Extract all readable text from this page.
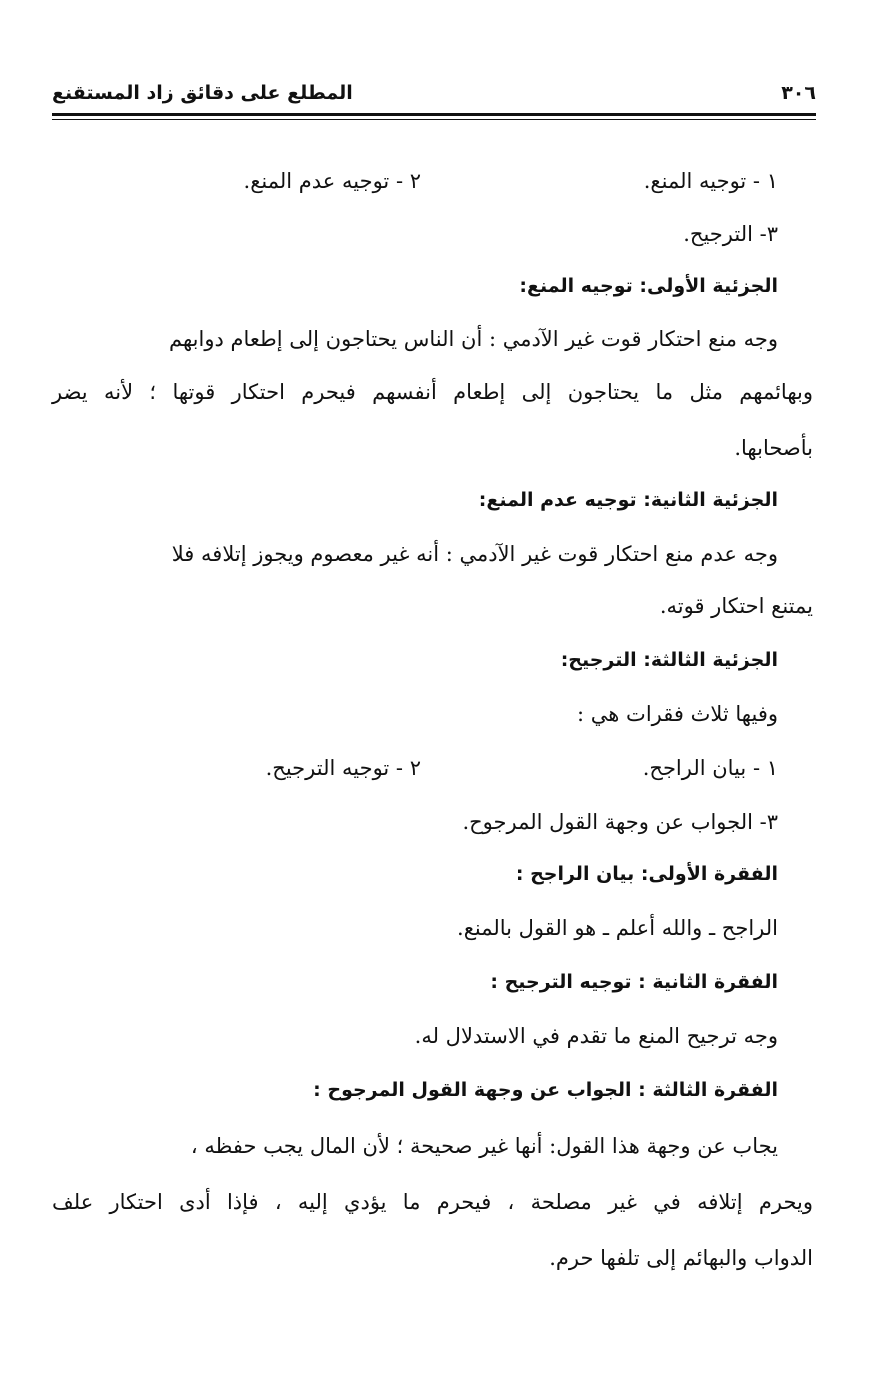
٣٠٦
المطلع على دقائق زاد المستقنع
١ - توجيه المنع.
٢ - توجيه عدم المنع.
٣- الترجيح.
الجزئية الأولى: توجيه المنع:
وجه منع احتكار قوت غير الآدمي : أن الناس يحتاجون إلى إطعام دوابهم
وبهائمهم مثل ما يحتاجون إلى إطعام أنفسهم فيحرم احتكار قوتها ؛ لأنه يضر
بأصحابها.
الجزئية الثانية: توجيه عدم المنع:
وجه عدم منع احتكار قوت غير الآدمي : أنه غير معصوم ويجوز إتلافه فلا
يمتنع احتكار قوته.
الجزئية الثالثة: الترجيح:
وفيها ثلاث فقرات هي :
١ - بيان الراجح.
٢ - توجيه الترجيح.
٣- الجواب عن وجهة القول المرجوح.
الفقرة الأولى: بيان الراجح :
الراجح ـ والله أعلم ـ هو القول بالمنع.
الفقرة الثانية : توجيه الترجيح :
وجه ترجيح المنع ما تقدم في الاستدلال له.
الفقرة الثالثة : الجواب عن وجهة القول المرجوح :
يجاب عن وجهة هذا القول: أنها غير صحيحة ؛ لأن المال يجب حفظه ،
ويحرم إتلافه في غير مصلحة ، فيحرم ما يؤدي إليه ، فإذا أدى احتكار علف
الدواب والبهائم إلى تلفها حرم.
